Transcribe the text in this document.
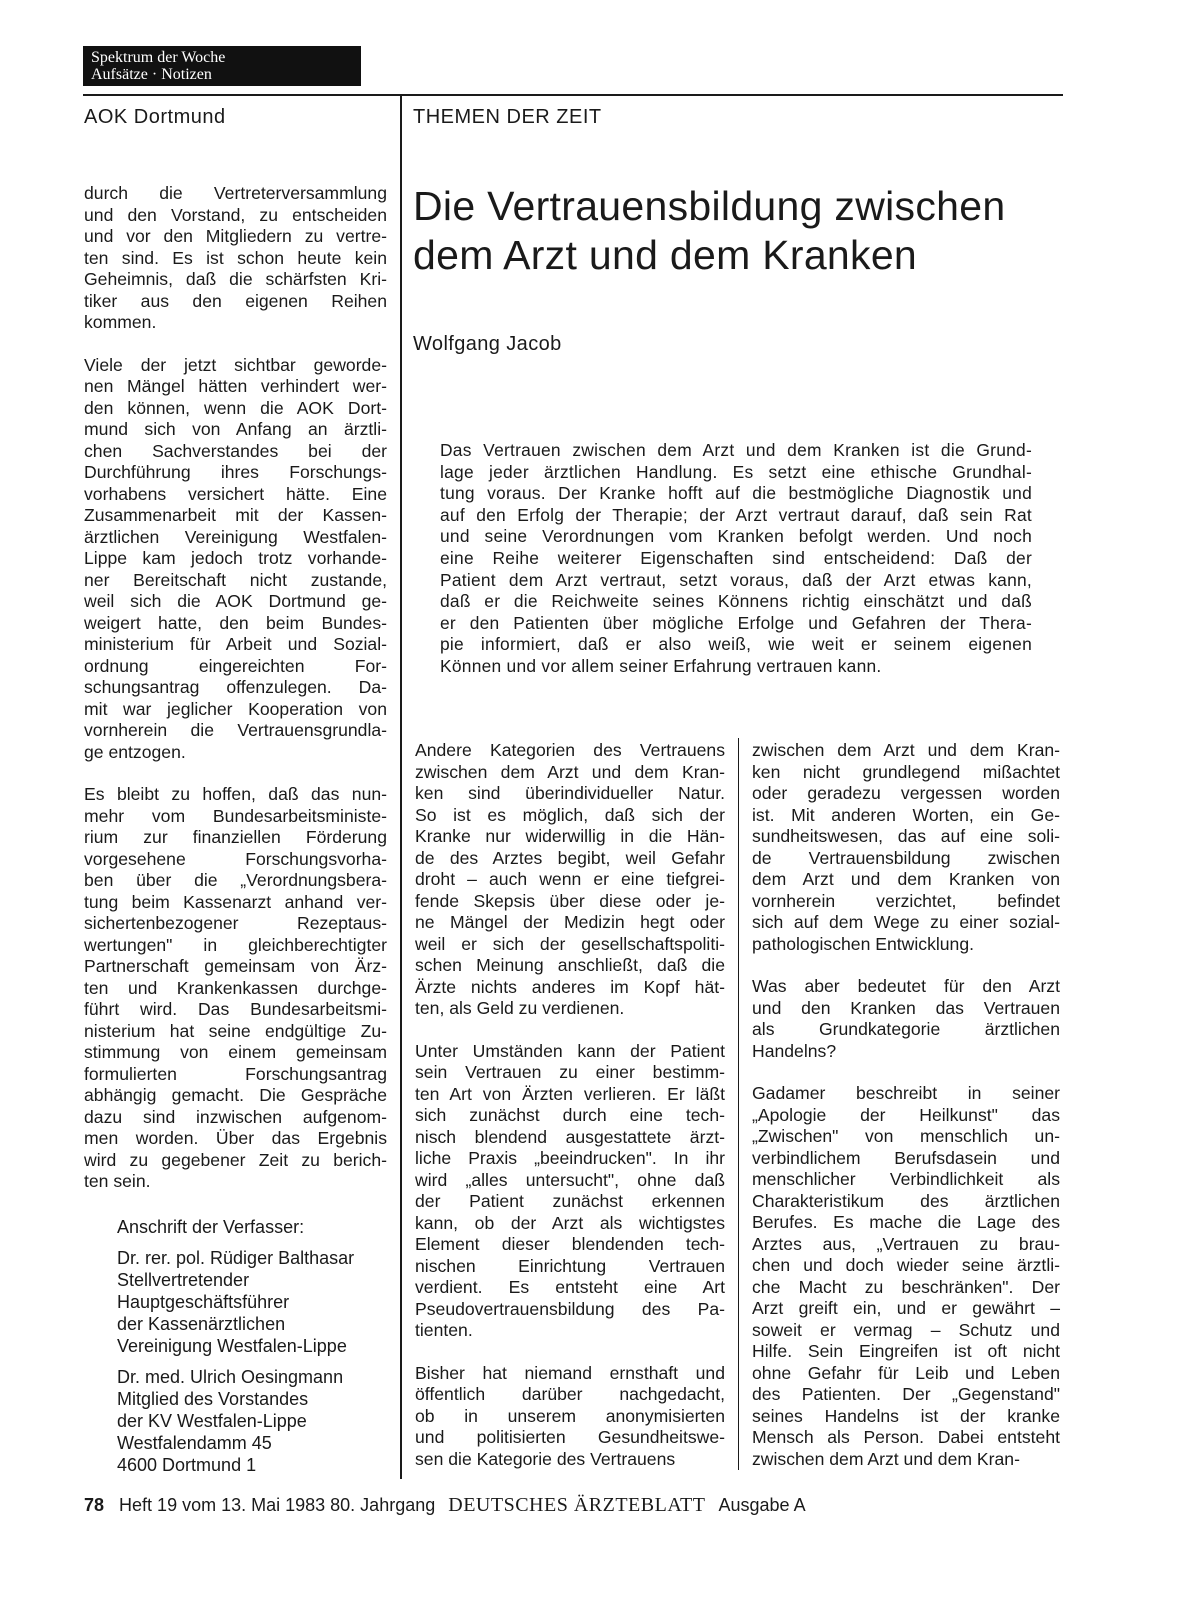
Spektrum der Woche
Aufsätze · Notizen
AOK Dortmund	THEMEN DER ZEIT
Die Vertrauensbildung zwischen
dem Arzt und dem Kranken
Wolfgang Jacob
Das Vertrauen zwischen dem Arzt und dem Kranken ist die Grund-
lage jeder ärztlichen Handlung. Es setzt eine ethische Grundhal-
tung voraus. Der Kranke hofft auf die bestmögliche Diagnostik und
auf den Erfolg der Therapie; der Arzt vertraut darauf, daß sein Rat
und seine Verordnungen vom Kranken befolgt werden. Und noch
eine Reihe weiterer Eigenschaften sind entscheidend: Daß der
Patient dem Arzt vertraut, setzt voraus, daß der Arzt etwas kann,
daß er die Reichweite seines Könnens richtig einschätzt und daß
er den Patienten über mögliche Erfolge und Gefahren der Thera-
pie informiert, daß er also weiß, wie weit er seinem eigenen
Können und vor allem seiner Erfahrung vertrauen kann.

durch die Vertreterversammlung
und den Vorstand, zu entscheiden
und vor den Mitgliedern zu vertre-
ten sind. Es ist schon heute kein
Geheimnis, daß die schärfsten Kri-
tiker aus den eigenen Reihen
kommen.

Viele der jetzt sichtbar geworde-
nen Mängel hätten verhindert wer-
den können, wenn die AOK Dort-
mund sich von Anfang an ärztli-
chen Sachverstandes bei der
Durchführung ihres Forschungs-
vorhabens versichert hätte. Eine
Zusammenarbeit mit der Kassen-
ärztlichen Vereinigung Westfalen-
Lippe kam jedoch trotz vorhande-
ner Bereitschaft nicht zustande,
weil sich die AOK Dortmund ge-
weigert hatte, den beim Bundes-
ministerium für Arbeit und Sozial-
ordnung eingereichten For-
schungsantrag offenzulegen. Da-
mit war jeglicher Kooperation von
vornherein die Vertrauensgrundla-
ge entzogen.

Es bleibt zu hoffen, daß das nun-
mehr vom Bundesarbeitsministe-
rium zur finanziellen Förderung
vorgesehene Forschungsvorha-
ben über die „Verordnungsbera-
tung beim Kassenarzt anhand ver-
sichertenbezogener Rezeptaus-
wertungen" in gleichberechtigter
Partnerschaft gemeinsam von Ärz-
ten und Krankenkassen durchge-
führt wird. Das Bundesarbeitsmi-
nisterium hat seine endgültige Zu-
stimmung von einem gemeinsam
formulierten Forschungsantrag
abhängig gemacht. Die Gespräche
dazu sind inzwischen aufgenom-
men worden. Über das Ergebnis
wird zu gegebener Zeit zu berich-
ten sein.

Anschrift der Verfasser:

Dr. rer. pol. Rüdiger Balthasar
Stellvertretender
Hauptgeschäftsführer
der Kassenärztlichen
Vereinigung Westfalen-Lippe

Dr. med. Ulrich Oesingmann
Mitglied des Vorstandes
der KV Westfalen-Lippe
Westfalendamm 45
4600 Dortmund 1

Andere Kategorien des Vertrauens
zwischen dem Arzt und dem Kran-
ken sind überindividueller Natur.
So ist es möglich, daß sich der
Kranke nur widerwillig in die Hän-
de des Arztes begibt, weil Gefahr
droht – auch wenn er eine tiefgrei-
fende Skepsis über diese oder je-
ne Mängel der Medizin hegt oder
weil er sich der gesellschaftspoliti-
schen Meinung anschließt, daß die
Ärzte nichts anderes im Kopf hät-
ten, als Geld zu verdienen.

Unter Umständen kann der Patient
sein Vertrauen zu einer bestimm-
ten Art von Ärzten verlieren. Er läßt
sich zunächst durch eine tech-
nisch blendend ausgestattete ärzt-
liche Praxis „beeindrucken". In ihr
wird „alles untersucht", ohne daß
der Patient zunächst erkennen
kann, ob der Arzt als wichtigstes
Element dieser blendenden tech-
nischen Einrichtung Vertrauen
verdient. Es entsteht eine Art
Pseudovertrauensbildung des Pa-
tienten.

Bisher hat niemand ernsthaft und
öffentlich darüber nachgedacht,
ob in unserem anonymisierten
und politisierten Gesundheitswe-
sen die Kategorie des Vertrauens

zwischen dem Arzt und dem Kran-
ken nicht grundlegend mißachtet
oder geradezu vergessen worden
ist. Mit anderen Worten, ein Ge-
sundheitswesen, das auf eine soli-
de Vertrauensbildung zwischen
dem Arzt und dem Kranken von
vornherein verzichtet, befindet
sich auf dem Wege zu einer sozial-
pathologischen Entwicklung.

Was aber bedeutet für den Arzt
und den Kranken das Vertrauen
als Grundkategorie ärztlichen
Handelns?

Gadamer beschreibt in seiner
„Apologie der Heilkunst" das
„Zwischen" von menschlich un-
verbindlichem Berufsdasein und
menschlicher Verbindlichkeit als
Charakteristikum des ärztlichen
Berufes. Es mache die Lage des
Arztes aus, „Vertrauen zu brau-
chen und doch wieder seine ärztli-
che Macht zu beschränken". Der
Arzt greift ein, und er gewährt –
soweit er vermag – Schutz und
Hilfe. Sein Eingreifen ist oft nicht
ohne Gefahr für Leib und Leben
des Patienten. Der „Gegenstand"
seines Handelns ist der kranke
Mensch als Person. Dabei entsteht
zwischen dem Arzt und dem Kran-

78 Heft 19 vom 13. Mai 1983 80. Jahrgang DEUTSCHES ÄRZTEBLATT Ausgabe A
